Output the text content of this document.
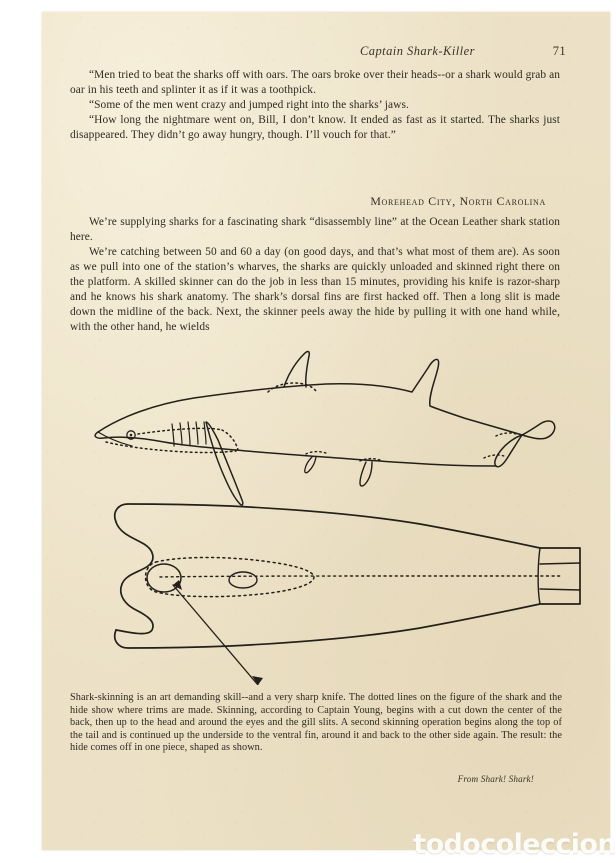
Captain Shark-Killer	71

“Men tried to beat the sharks off with oars. The oars broke over their heads--or a shark would grab an oar in his teeth and splinter it as if it was a toothpick.

“Some of the men went crazy and jumped right into the sharks’ jaws.

“How long the nightmare went on, Bill, I don’t know. It ended as fast as it started. The sharks just disappeared. They didn’t go away hungry, though. I’ll vouch for that.”

Morehead City, North Carolina

We’re supplying sharks for a fascinating shark “disassembly line” at the Ocean Leather shark station here.

We’re catching between 50 and 60 a day (on good days, and that’s what most of them are). As soon as we pull into one of the station’s wharves, the sharks are quickly unloaded and skinned right there on the platform. A skilled skinner can do the job in less than 15 minutes, providing his knife is razor-sharp and he knows his shark anatomy. The shark’s dorsal fins are first hacked off. Then a long slit is made down the midline of the back. Next, the skinner peels away the hide by pulling it with one hand while, with the other hand, he wields

Shark-skinning is an art demanding skill--and a very sharp knife. The dotted lines on the figure of the shark and the hide show where trims are made. Skinning, according to Captain Young, begins with a cut down the center of the back, then up to the head and around the eyes and the gill slits. A second skinning operation begins along the top of the tail and is continued up the underside to the ventral fin, around it and back to the other side again. The result: the hide comes off in one piece, shaped as shown.

From Shark! Shark!
todocoleccion
